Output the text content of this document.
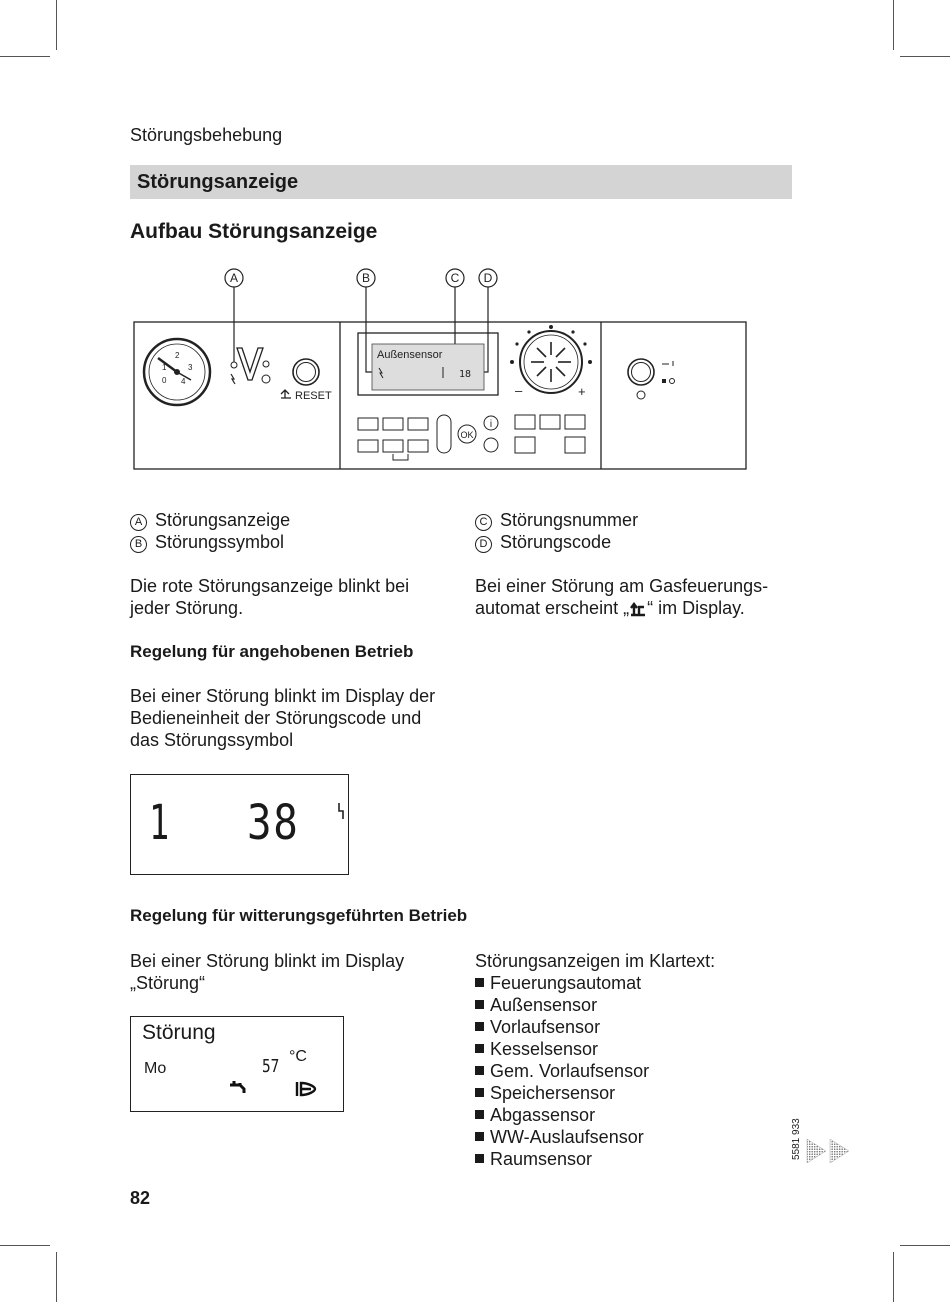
Störungsbehebung
Störungsanzeige
Aufbau Störungsanzeige
A	B	C D
1
2
3
0 4
RESET
Außensensor
18
OK
i
–	+
A Störungsanzeige
B Störungssymbol
C Störungsnummer
D Störungscode
Die rote Störungsanzeige blinkt bei
jeder Störung.
Bei einer Störung am Gasfeuerungs-
automat erscheint „ “ im Display.
Regelung für angehobenen Betrieb
Bei einer Störung blinkt im Display der
Bedieneinheit der Störungscode und
das Störungssymbol
1 38
Regelung für witterungsgeführten Betrieb
Bei einer Störung blinkt im Display
„Störung“
Störung
Mo	57 °C
Störungsanzeigen im Klartext:
Feuerungsautomat
Außensensor
Vorlaufsensor
Kesselsensor
Gem. Vorlaufsensor
Speichersensor
Abgassensor
WW-Auslaufsensor
Raumsensor	5581 933
82
